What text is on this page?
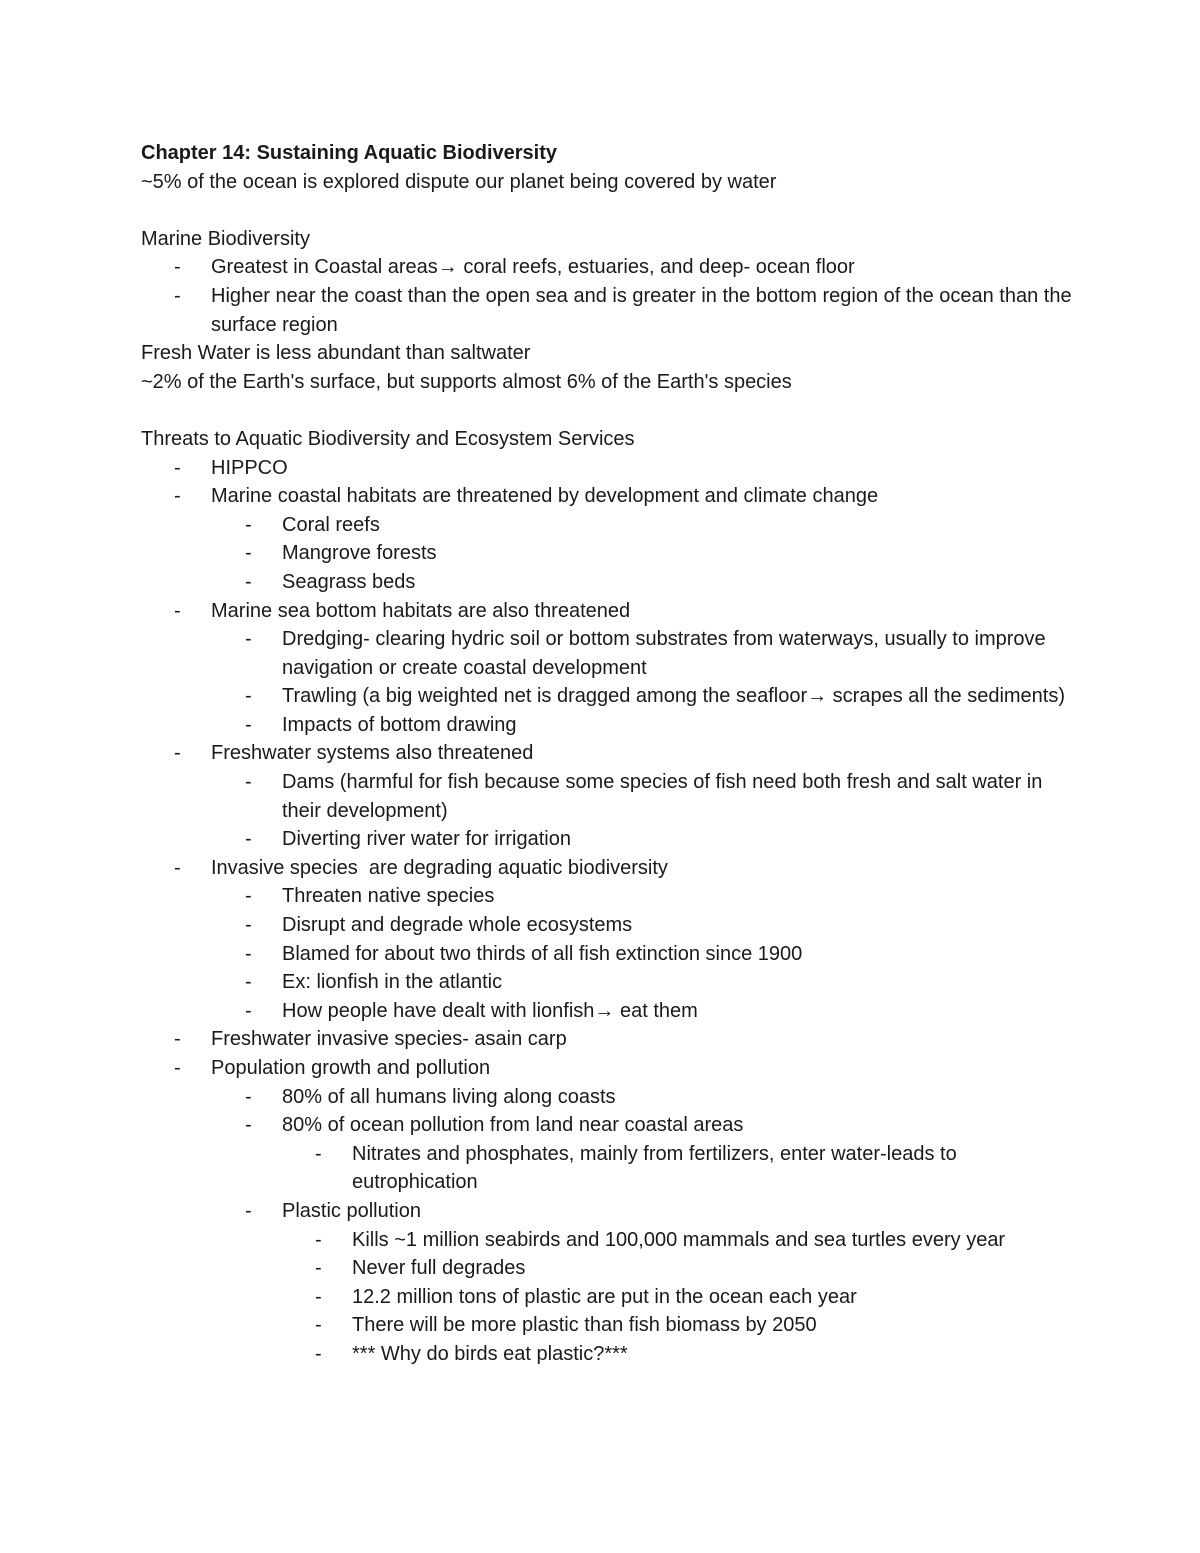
Chapter 14: Sustaining Aquatic Biodiversity
~5% of the ocean is explored dispute our planet being covered by water
Marine Biodiversity
- Greatest in Coastal areas→ coral reefs, estuaries, and deep- ocean floor
- Higher near the coast than the open sea and is greater in the bottom region of the ocean than the surface region
Fresh Water is less abundant than saltwater
~2% of the Earth's surface, but supports almost 6% of the Earth's species
Threats to Aquatic Biodiversity and Ecosystem Services
- HIPPCO
- Marine coastal habitats are threatened by development and climate change
- Coral reefs
- Mangrove forests
- Seagrass beds
- Marine sea bottom habitats are also threatened
- Dredging- clearing hydric soil or bottom substrates from waterways, usually to improve navigation or create coastal development
- Trawling (a big weighted net is dragged among the seafloor→ scrapes all the sediments)
- Impacts of bottom drawing
- Freshwater systems also threatened
- Dams (harmful for fish because some species of fish need both fresh and salt water in their development)
- Diverting river water for irrigation
- Invasive species  are degrading aquatic biodiversity
- Threaten native species
- Disrupt and degrade whole ecosystems
- Blamed for about two thirds of all fish extinction since 1900
- Ex: lionfish in the atlantic
- How people have dealt with lionfish→ eat them
- Freshwater invasive species- asain carp
- Population growth and pollution
- 80% of all humans living along coasts
- 80% of ocean pollution from land near coastal areas
- Nitrates and phosphates, mainly from fertilizers, enter water-leads to eutrophication
- Plastic pollution
- Kills ~1 million seabirds and 100,000 mammals and sea turtles every year
- Never full degrades
- 12.2 million tons of plastic are put in the ocean each year
- There will be more plastic than fish biomass by 2050
- *** Why do birds eat plastic?***
